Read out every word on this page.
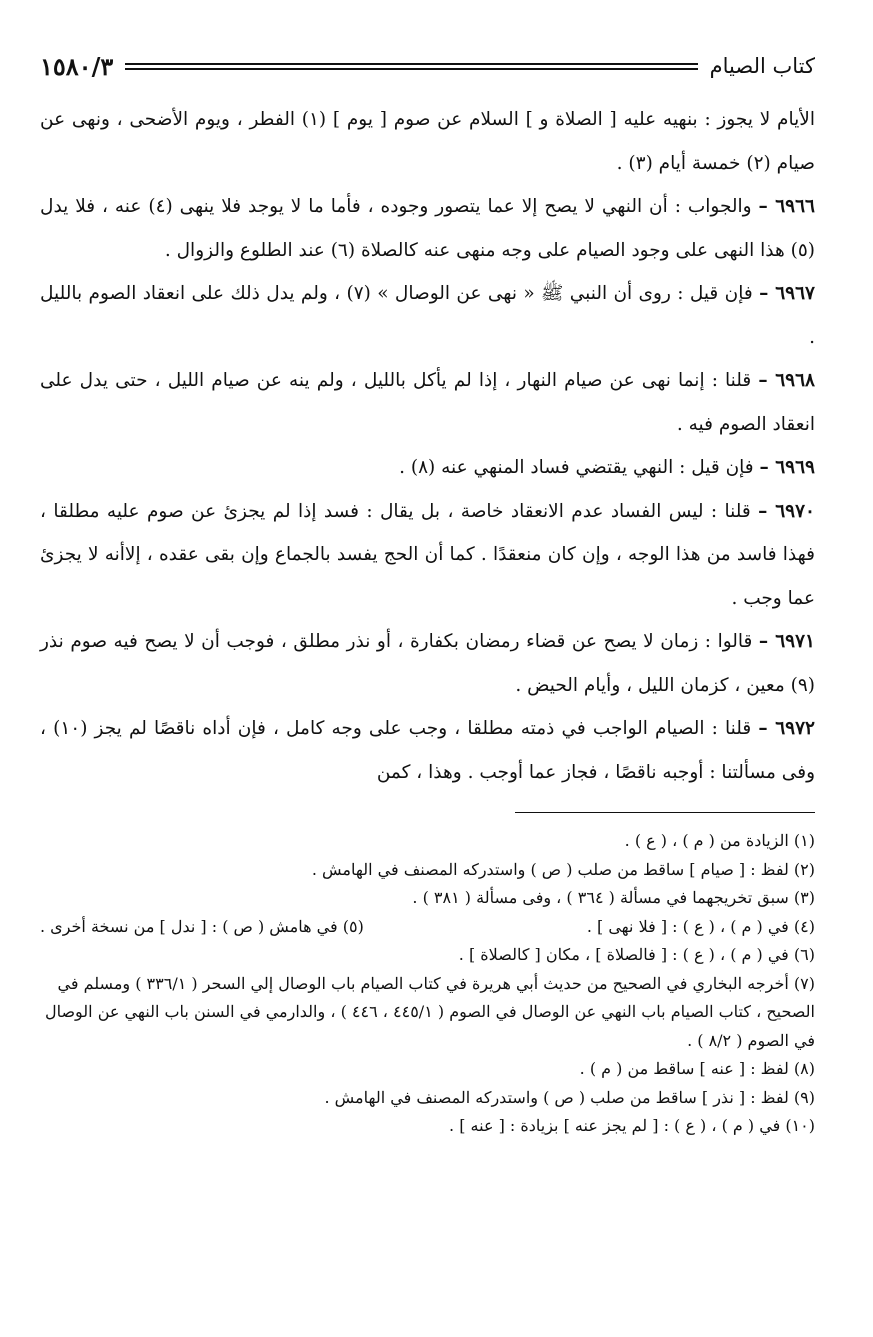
١٥٨٠/٣	كتاب الصيام

الأيام لا يجوز : بنهيه عليه [ الصلاة و ] السلام عن صوم [ يوم ] (١) الفطر ، ويوم الأضحى ، ونهى عن صيام (٢) خمسة أيام (٣) .

٦٩٦٦ – والجواب : أن النهي لا يصح إلا عما يتصور وجوده ، فأما ما لا يوجد فلا ينهى (٤) عنه ، فلا يدل (٥) هذا النهى على وجود الصيام على وجه منهى عنه كالصلاة (٦) عند الطلوع والزوال .

٦٩٦٧ – فإن قيل : روى أن النبي ﷺ « نهى عن الوصال » (٧) ، ولم يدل ذلك على انعقاد الصوم بالليل .

٦٩٦٨ – قلنا : إنما نهى عن صيام النهار ، إذا لم يأكل بالليل ، ولم ينه عن صيام الليل ، حتى يدل على انعقاد الصوم فيه .

٦٩٦٩ – فإن قيل : النهي يقتضي فساد المنهي عنه (٨) .

٦٩٧٠ – قلنا : ليس الفساد عدم الانعقاد خاصة ، بل يقال : فسد إذا لم يجزئ عن صوم عليه مطلقا ، فهذا فاسد من هذا الوجه ، وإن كان منعقدًا . كما أن الحج يفسد بالجماع وإن بقى عقده ، إلاأنه لا يجزئ عما وجب .

٦٩٧١ – قالوا : زمان لا يصح عن قضاء رمضان بكفارة ، أو نذر مطلق ، فوجب أن لا يصح فيه صوم نذر (٩) معين ، كزمان الليل ، وأيام الحيض .

٦٩٧٢ – قلنا : الصيام الواجب في ذمته مطلقا ، وجب على وجه كامل ، فإن أداه ناقصًا لم يجز (١٠) ، وفى مسألتنا : أوجبه ناقصًا ، فجاز عما أوجب . وهذا ، كمن

(١) الزيادة من ( م ) ، ( ع ) .

(٢) لفظ : [ صيام ] ساقط من صلب ( ص ) واستدركه المصنف في الهامش .

(٣) سبق تخريجهما في مسألة ( ٣٦٤ ) ، وفى مسألة ( ٣٨١ ) .

(٤) في ( م ) ، ( ع ) : [ فلا نهى ] .
(٥) في هامش ( ص ) : [ ندل ] من نسخة أخرى .

(٦) في ( م ) ، ( ع ) : [ فالصلاة ] ، مكان [ كالصلاة ] .

(٧) أخرجه البخاري في الصحيح من حديث أبي هريرة في كتاب الصيام باب الوصال إلي السحر ( ٣٣٦/١ ) ومسلم في الصحيح ، كتاب الصيام باب النهي عن الوصال في الصوم ( ٤٤٥/١ ، ٤٤٦ ) ، والدارمي في السنن باب النهي عن الوصال في الصوم ( ٨/٢ ) .

(٨) لفظ : [ عنه ] ساقط من ( م ) .

(٩) لفظ : [ نذر ] ساقط من صلب ( ص ) واستدركه المصنف في الهامش .

(١٠) في ( م ) ، ( ع ) : [ لم يجز عنه ] بزيادة : [ عنه ] .
